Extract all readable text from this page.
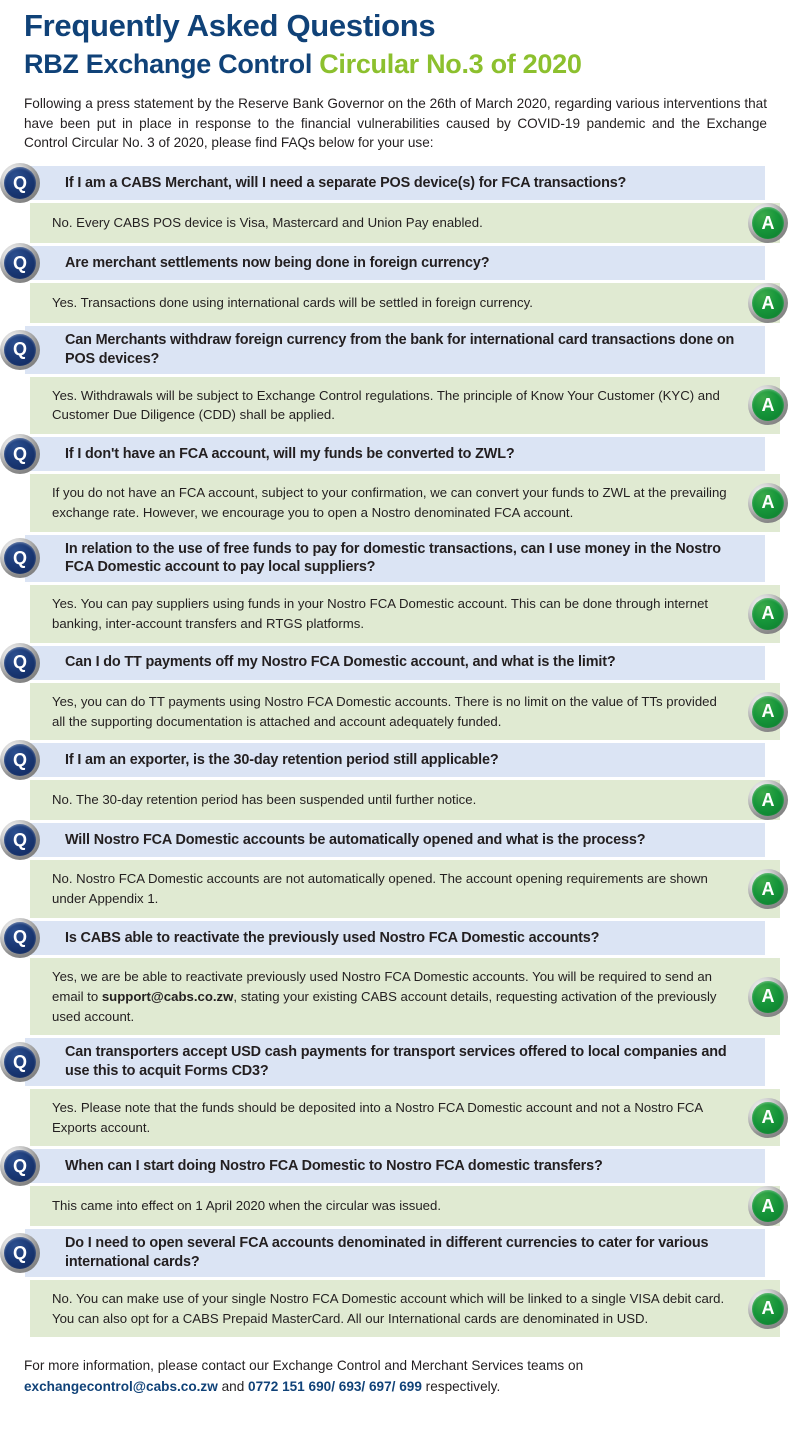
Frequently Asked Questions
RBZ Exchange Control Circular No.3 of 2020

Following a press statement by the Reserve Bank Governor on the 26th of March 2020, regarding various interventions that have been put in place in response to the financial vulnerabilities caused by COVID-19 pandemic and the Exchange Control Circular No. 3 of 2020, please find FAQs below for your use:

Q	If I am a CABS Merchant, will I need a separate POS device(s) for FCA transactions?
No. Every CABS POS device is Visa, Mastercard and Union Pay enabled.	A
Q	Are merchant settlements now being done in foreign currency?
Yes. Transactions done using international cards will be settled in foreign currency.	A
Q	Can Merchants withdraw foreign currency from the bank for international card transactions done on POS devices?
Yes. Withdrawals will be subject to Exchange Control regulations. The principle of Know Your Customer (KYC) and Customer Due Diligence (CDD) shall be applied.	A
Q	If I don't have an FCA account, will my funds be converted to ZWL?
If you do not have an FCA account, subject to your confirmation, we can convert your funds to ZWL at the prevailing exchange rate. However, we encourage you to open a Nostro denominated FCA account.	A
Q	In relation to the use of free funds to pay for domestic transactions, can I use money in the Nostro FCA Domestic account to pay local suppliers?
Yes. You can pay suppliers using funds in your Nostro FCA Domestic account. This can be done through internet banking, inter-account transfers and RTGS platforms.	A
Q	Can I do TT payments off my Nostro FCA Domestic account, and what is the limit?
Yes, you can do TT payments using Nostro FCA Domestic accounts. There is no limit on the value of TTs provided all the supporting documentation is attached and account adequately funded.	A
Q	If I am an exporter, is the 30-day retention period still applicable?
No. The 30-day retention period has been suspended until further notice.	A
Q	Will Nostro FCA Domestic accounts be automatically opened and what is the process?
No. Nostro FCA Domestic accounts are not automatically opened. The account opening requirements are shown under Appendix 1.	A
Q	Is CABS able to reactivate the previously used Nostro FCA Domestic accounts?
Yes, we are be able to reactivate previously used Nostro FCA Domestic accounts. You will be required to send an email to support@cabs.co.zw, stating your existing CABS account details, requesting activation of the previously used account.
A
Q	Can transporters accept USD cash payments for transport services offered to local companies and use this to acquit Forms CD3?
Yes. Please note that the funds should be deposited into a Nostro FCA Domestic account and not a Nostro FCA Exports account.	A
Q	When can I start doing Nostro FCA Domestic to Nostro FCA domestic transfers?
This came into effect on 1 April 2020 when the circular was issued.	A
Q	Do I need to open several FCA accounts denominated in different currencies to cater for various international cards?
No. You can make use of your single Nostro FCA Domestic account which will be linked to a single VISA debit card. You can also opt for a CABS Prepaid MasterCard. All our International cards are denominated in USD.	A
For more information, please contact our Exchange Control and Merchant Services teams on
exchangecontrol@cabs.co.zw and 0772 151 690/ 693/ 697/ 699 respectively.
